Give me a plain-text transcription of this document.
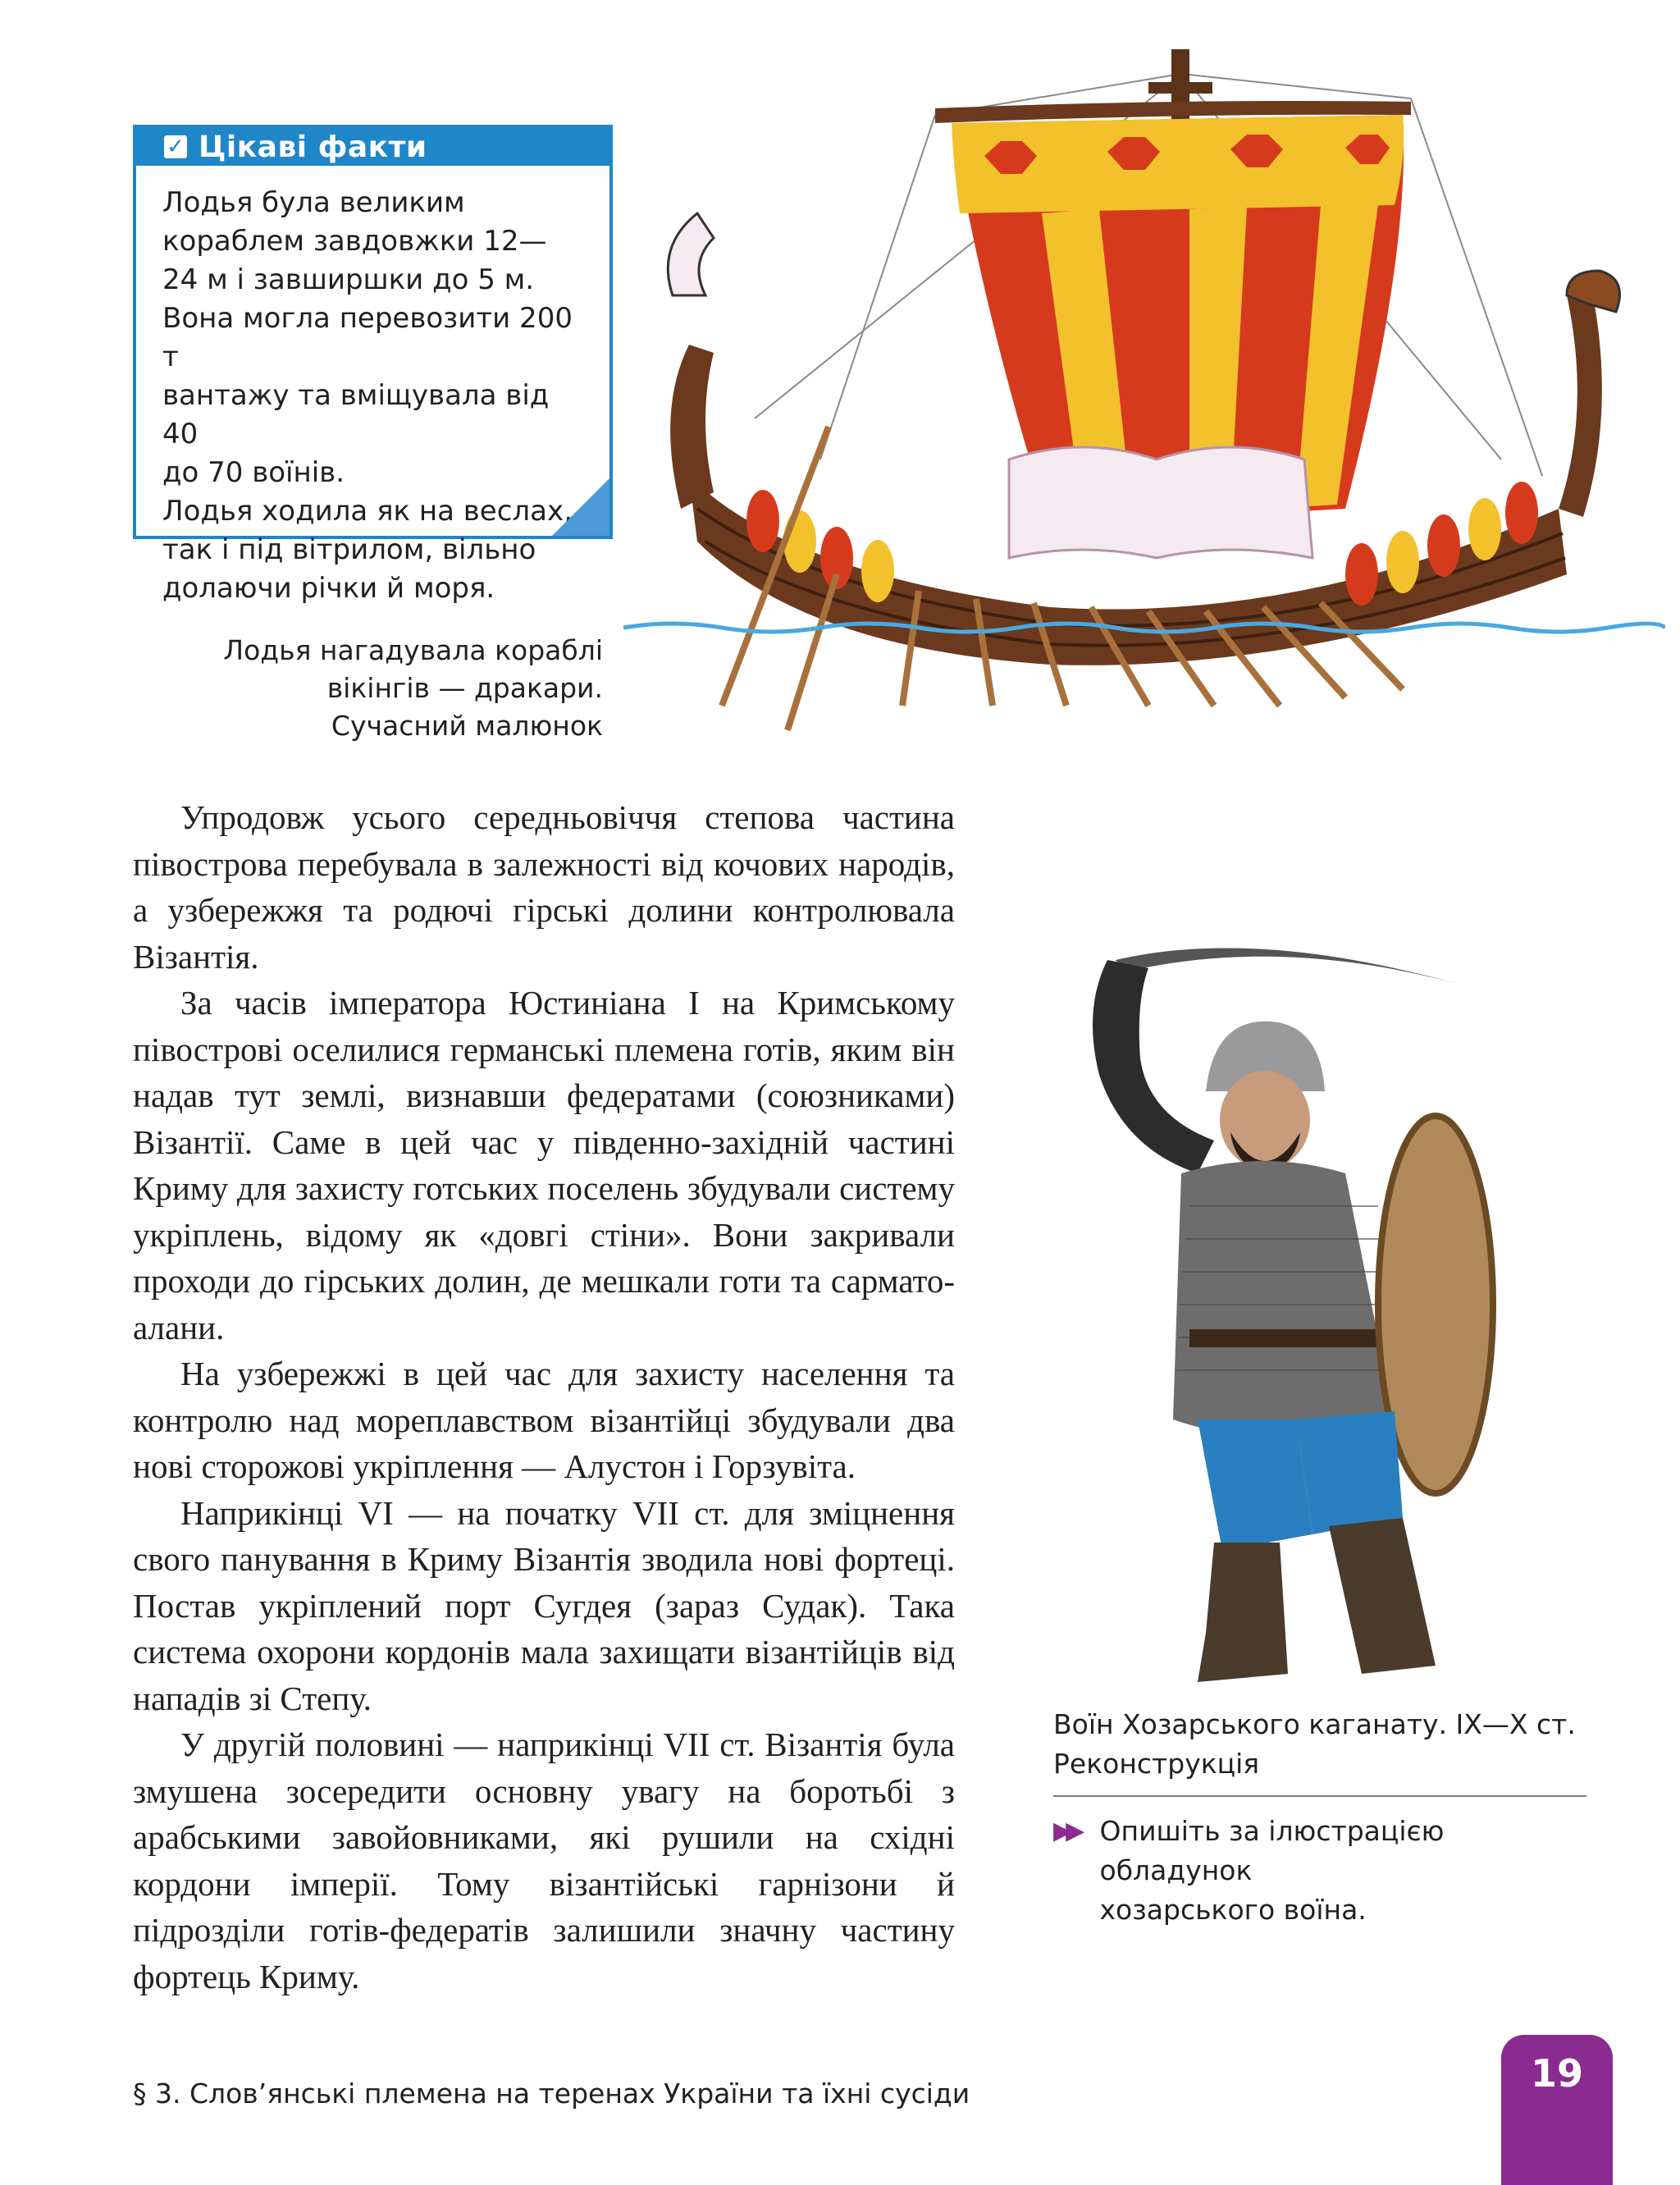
✓ Цікаві факти

Лодья була великим
кораблем завдовжки 12—
24 м і завширшки до 5 м.
Вона могла перевозити 200 т
вантажу та вміщувала від 40
до 70 воїнів.

Лодья ходила як на веслах,
так і під вітрилом, вільно
долаючи річки й моря.

Лодья нагадувала кораблі
вікінгів — дракари.
Сучасний малюнок

Упродовж усього середньовіччя степова частина півострова перебувала в залежності від кочових народів, а узбережжя та родючі гірські долини контролювала Візантія.

За часів імператора Юстиніана I на Кримському півострові оселилися германські племена готів, яким він надав тут землі, визнавши федератами (союзниками) Візантії. Саме в цей час у південно-західній частині Криму для захисту готських поселень збудували систему укріплень, відому як «довгі стіни». Вони закривали проходи до гірських долин, де мешкали готи та сармато-алани.

На узбережжі в цей час для захисту населення та контролю над мореплавством візантійці збудували два нові сторожові укріплення — Алустон і Горзувіта.

Наприкінці VI — на початку VII ст. для зміцнення свого панування в Криму Візантія зводила нові фортеці. Постав укріплений порт Сугдея (зараз Судак). Така система охорони кордонів мала захищати візантійців від нападів зі Степу.

У другій половині — наприкінці VII ст. Візантія була змушена зосередити основну увагу на боротьбі з арабськими завойовниками, які рушили на східні кордони імперії. Тому візантійські гарнізони й підрозділи готів-федератів залишили значну частину фортець Криму.

Воїн Хозарського каганату. IX—X ст.
Реконструкція
▶▶ Опишіть за ілюстрацією обладунок
хозарського воїна.
§ 3. Слов’янські племена на теренах України та їхні сусіди	19
